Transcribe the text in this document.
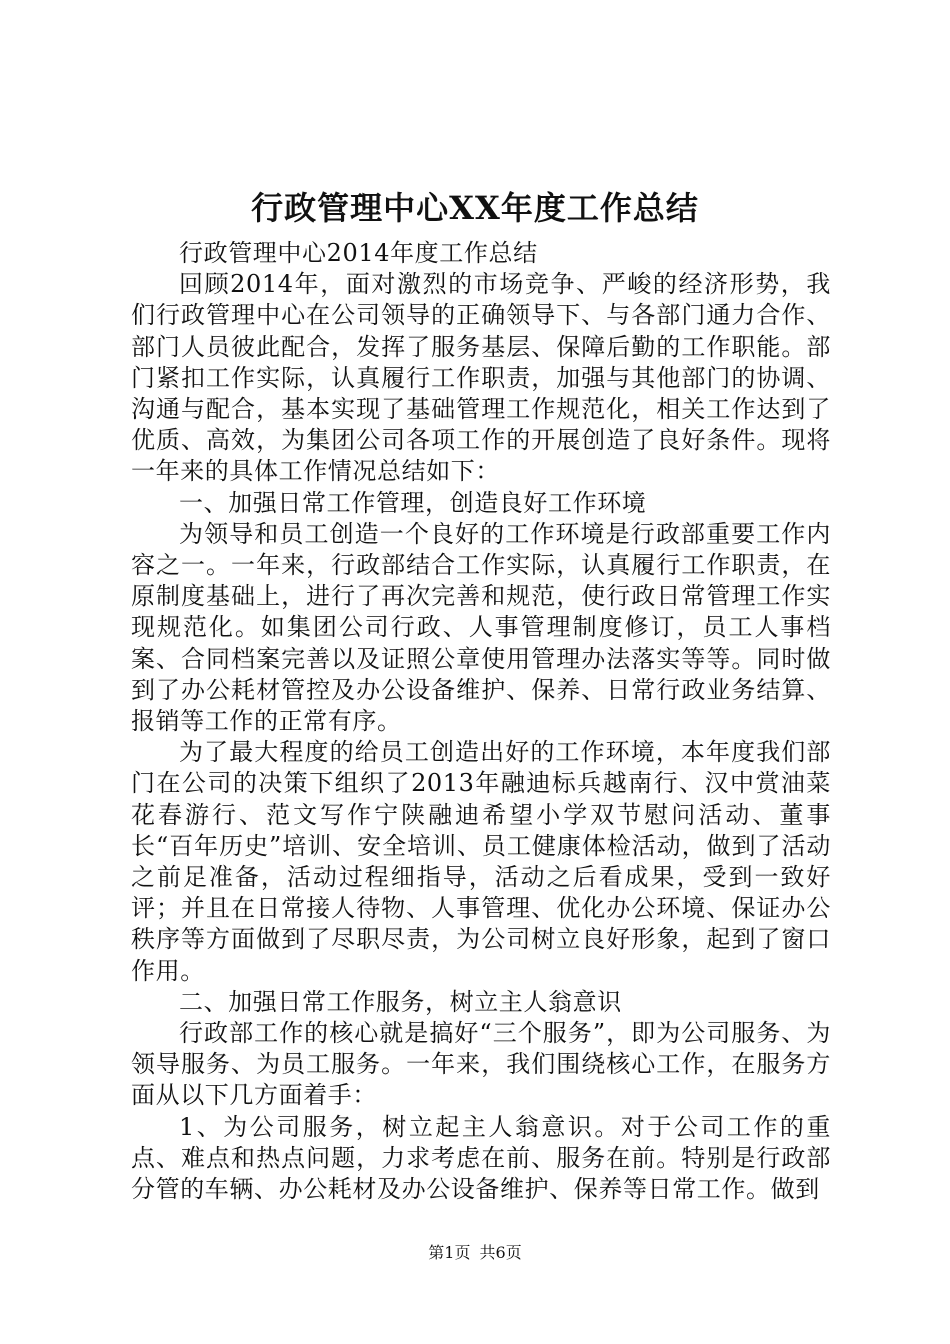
行政管理中心XX年度工作总结

行政管理中心2014年度工作总结

回顾2014年，面对激烈的市场竞争、严峻的经济形势，我们行政管理中心在公司领导的正确领导下、与各部门通力合作、部门人员彼此配合，发挥了服务基层、保障后勤的工作职能。部门紧扣工作实际，认真履行工作职责，加强与其他部门的协调、沟通与配合，基本实现了基础管理工作规范化，相关工作达到了优质、高效，为集团公司各项工作的开展创造了良好条件。现将一年来的具体工作情况总结如下：

一、加强日常工作管理，创造良好工作环境

为领导和员工创造一个良好的工作环境是行政部重要工作内容之一。一年来，行政部结合工作实际，认真履行工作职责，在原制度基础上，进行了再次完善和规范，使行政日常管理工作实现规范化。如集团公司行政、人事管理制度修订，员工人事档案、合同档案完善以及证照公章使用管理办法落实等等。同时做到了办公耗材管控及办公设备维护、保养、日常行政业务结算、报销等工作的正常有序。

为了最大程度的给员工创造出好的工作环境，本年度我们部门在公司的决策下组织了2013年融迪标兵越南行、汉中赏油菜花春游行、范文写作宁陕融迪希望小学双节慰问活动、董事长“百年历史”培训、安全培训、员工健康体检活动，做到了活动之前足准备，活动过程细指导，活动之后看成果，受到一致好评；并且在日常接人待物、人事管理、优化办公环境、保证办公秩序等方面做到了尽职尽责，为公司树立良好形象，起到了窗口作用。

二、加强日常工作服务，树立主人翁意识

行政部工作的核心就是搞好“三个服务”，即为公司服务、为领导服务、为员工服务。一年来，我们围绕核心工作，在服务方面从以下几方面着手：

1、为公司服务，树立起主人翁意识。对于公司工作的重点、难点和热点问题，力求考虑在前、服务在前。特别是行政部分管的车辆、办公耗材及办公设备维护、保养等日常工作。做到

第1页 共6页
